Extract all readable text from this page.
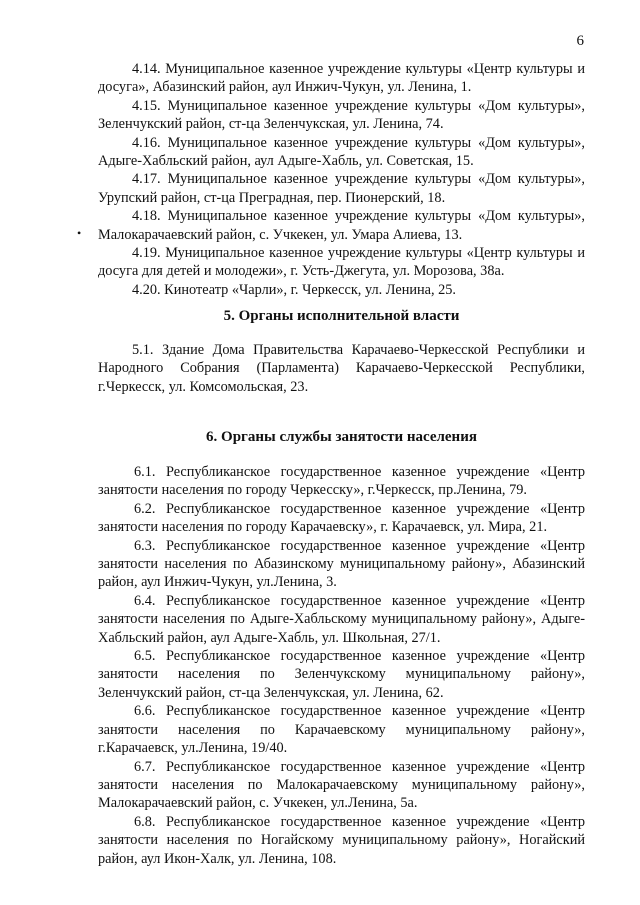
6
•

4.14. Муниципальное казенное учреждение культуры «Центр культуры и досуга», Абазинский район, аул Инжич-Чукун, ул. Ленина, 1.

4.15. Муниципальное казенное учреждение культуры «Дом культуры», Зеленчукский район, ст-ца Зеленчукская, ул. Ленина, 74.

4.16. Муниципальное казенное учреждение культуры «Дом культуры», Адыге-Хабльский район, аул Адыге-Хабль, ул. Советская, 15.

4.17. Муниципальное казенное учреждение культуры «Дом культуры», Урупский район, ст-ца Преградная, пер. Пионерский, 18.

4.18. Муниципальное казенное учреждение культуры «Дом культуры», Малокарачаевский район, с. Учкекен, ул. Умара Алиева, 13.

4.19. Муниципальное казенное учреждение культуры «Центр культуры и досуга для детей и молодежи», г. Усть-Джегута, ул. Морозова, 38а.

4.20. Кинотеатр «Чарли», г. Черкесск, ул. Ленина, 25.

5. Органы исполнительной власти

5.1. Здание Дома Правительства Карачаево-Черкесской Республики и Народного Собрания (Парламента) Карачаево-Черкесской Республики, г.Черкесск, ул. Комсомольская, 23.

6. Органы службы занятости населения

6.1. Республиканское государственное казенное учреждение «Центр занятости населения по городу Черкесску», г.Черкесск, пр.Ленина, 79.

6.2. Республиканское государственное казенное учреждение «Центр занятости населения по городу Карачаевску», г. Карачаевск, ул. Мира, 21.

6.3. Республиканское государственное казенное учреждение «Центр занятости населения по Абазинскому муниципальному району», Абазинский район, аул Инжич-Чукун, ул.Ленина, 3.

6.4. Республиканское государственное казенное учреждение «Центр занятости населения по Адыге-Хабльскому муниципальному району», Адыге-Хабльский район, аул Адыге-Хабль, ул. Школьная, 27/1.

6.5. Республиканское государственное казенное учреждение «Центр занятости населения по Зеленчукскому муниципальному району», Зеленчукский район, ст-ца Зеленчукская, ул. Ленина, 62.

6.6. Республиканское государственное казенное учреждение «Центр занятости населения по Карачаевскому муниципальному району», г.Карачаевск, ул.Ленина, 19/40.

6.7. Республиканское государственное казенное учреждение «Центр занятости населения по Малокарачаевскому муниципальному району», Малокарачаевский район, с. Учкекен, ул.Ленина, 5а.

6.8. Республиканское государственное казенное учреждение «Центр занятости населения по Ногайскому муниципальному району», Ногайский район, аул Икон-Халк, ул. Ленина, 108.
